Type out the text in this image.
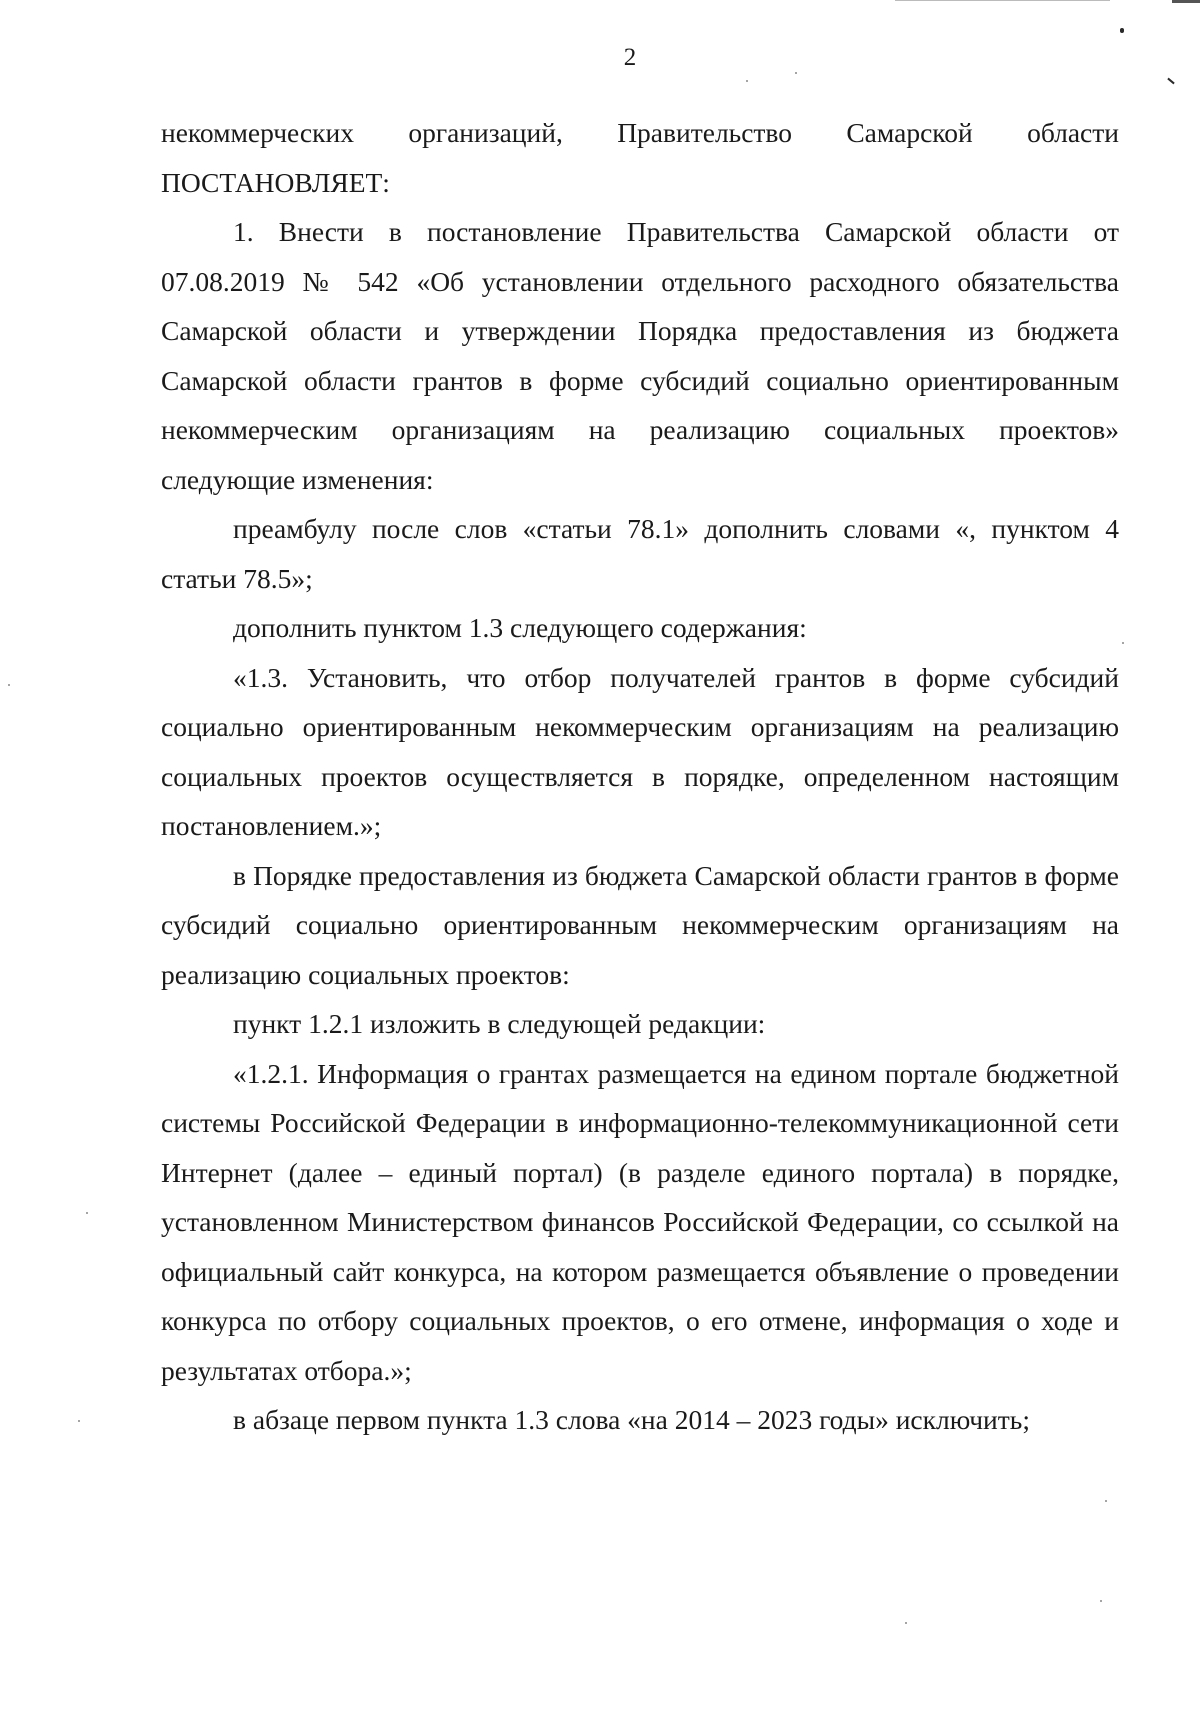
2

некоммерческих организаций, Правительство Самарской области ПОСТАНОВЛЯЕТ:

1. Внести в постановление Правительства Самарской области от 07.08.2019 № 542 «Об установлении отдельного расходного обязательства Самарской области и утверждении Порядка предоставления из бюджета Самарской области грантов в форме субсидий социально ориентированным некоммерческим организациям на реализацию социальных проектов» следующие изменения:

преамбулу после слов «статьи 78.1» дополнить словами «, пунктом 4 статьи 78.5»;

дополнить пунктом 1.3 следующего содержания:

«1.3. Установить, что отбор получателей грантов в форме субсидий социально ориентированным некоммерческим организациям на реализацию социальных проектов осуществляется в порядке, определенном настоящим постановлением.»;

в Порядке предоставления из бюджета Самарской области грантов в форме субсидий социально ориентированным некоммерческим организациям на реализацию социальных проектов:

пункт 1.2.1 изложить в следующей редакции:

«1.2.1. Информация о грантах размещается на едином портале бюджетной системы Российской Федерации в информационно-телекоммуникационной сети Интернет (далее – единый портал) (в разделе единого портала) в порядке, установленном Министерством финансов Российской Федерации, со ссылкой на официальный сайт конкурса, на котором размещается объявление о проведении конкурса по отбору социальных проектов, о его отмене, информация о ходе и результатах отбора.»;

в абзаце первом пункта 1.3 слова «на 2014 – 2023 годы» исключить;
